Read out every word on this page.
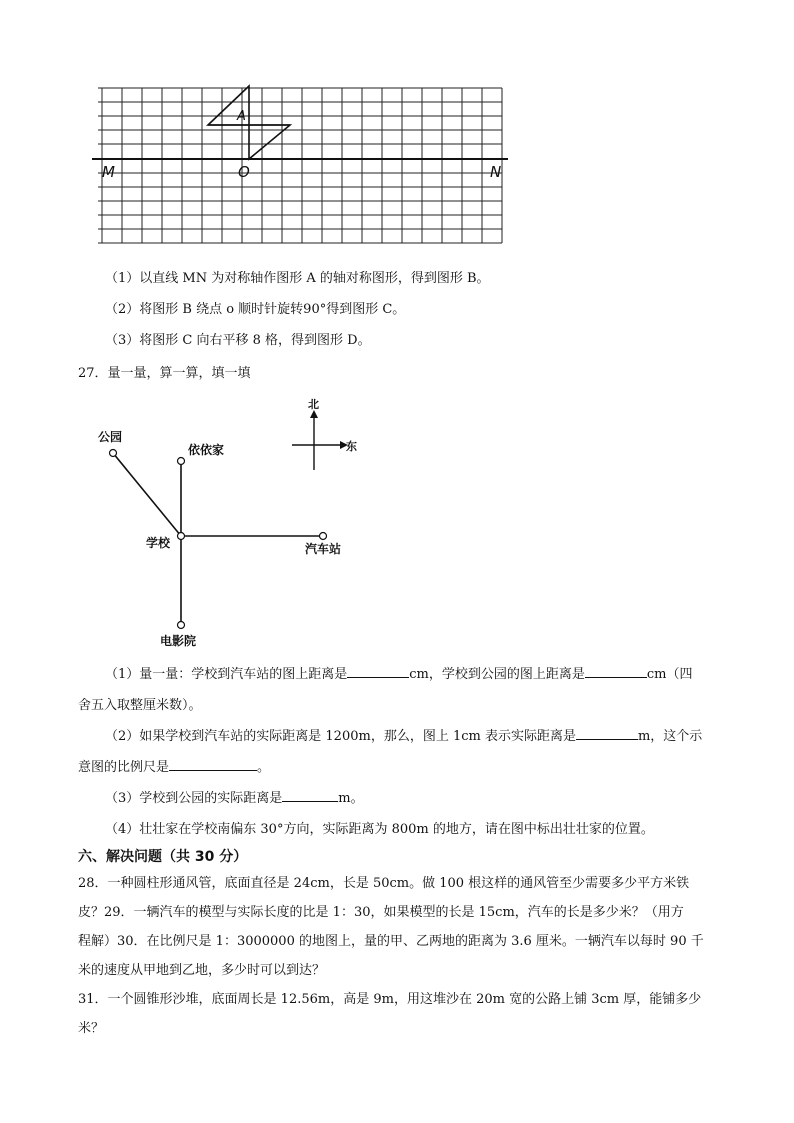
A
M	O	N
（1）以直线 MN 为对称轴作图形 A 的轴对称图形，得到图形 B。
（2）将图形 B 绕点 o 顺时针旋转90°得到图形 C。
（3）将图形 C 向右平移 8 格，得到图形 D。
27．量一量，算一算，填一填
北
东
公园
依依家
学校	汽车站
电影院
（1）量一量：学校到汽车站的图上距离是	cm，学校到公园的图上距离是	cm（四
舍五入取整厘米数）。
（2）如果学校到汽车站的实际距离是 1200m，那么，图上 1cm 表示实际距离是	m，这个示
意图的比例尺是	。
（3）学校到公园的实际距离是	m。
（4）壮壮家在学校南偏东 30°方向，实际距离为 800m 的地方，请在图中标出壮壮家的位置。
六、解决问题（共 30 分）
28．一种圆柱形通风管，底面直径是 24cm，长是 50cm。做 100 根这样的通风管至少需要多少平方米铁
皮？29．一辆汽车的模型与实际长度的比是 1：30，如果模型的长是 15cm，汽车的长是多少米？（用方
程解）30．在比例尺是 1：3000000 的地图上，量的甲、乙两地的距离为 3.6 厘米。一辆汽车以每时 90 千
米的速度从甲地到乙地，多少时可以到达？
31．一个圆锥形沙堆，底面周长是 12.56m，高是 9m，用这堆沙在 20m 宽的公路上铺 3cm 厚，能铺多少
米？
